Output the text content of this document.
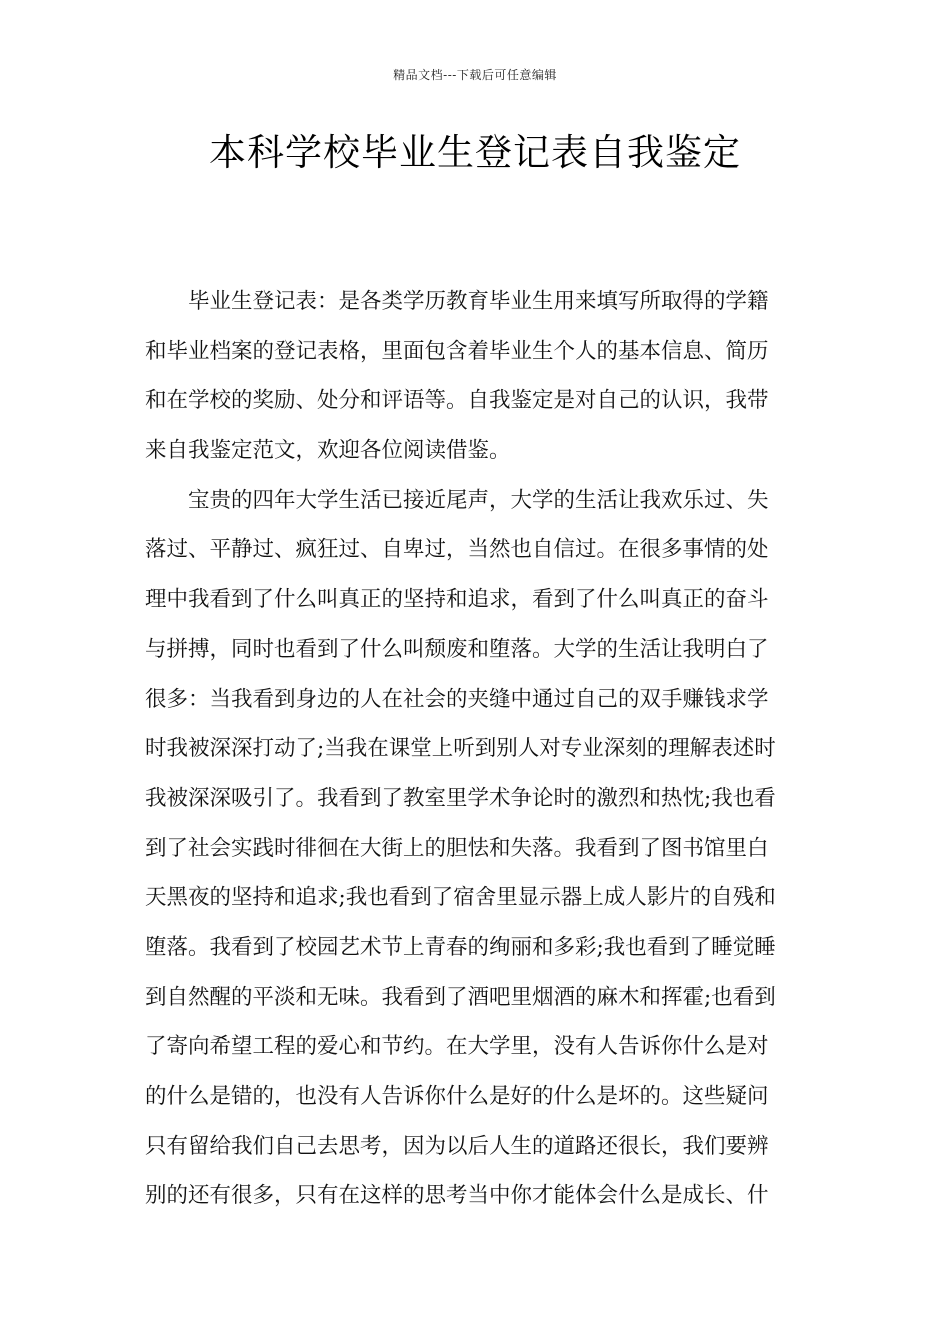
精品文档---下载后可任意编辑
本科学校毕业生登记表自我鉴定
　　毕业生登记表：是各类学历教育毕业生用来填写所取得的学籍
和毕业档案的登记表格，里面包含着毕业生个人的基本信息、简历
和在学校的奖励、处分和评语等。自我鉴定是对自己的认识，我带
来自我鉴定范文，欢迎各位阅读借鉴。
　　宝贵的四年大学生活已接近尾声，大学的生活让我欢乐过、失
落过、平静过、疯狂过、自卑过，当然也自信过。在很多事情的处
理中我看到了什么叫真正的坚持和追求，看到了什么叫真正的奋斗
与拼搏，同时也看到了什么叫颓废和堕落。大学的生活让我明白了
很多：当我看到身边的人在社会的夹缝中通过自己的双手赚钱求学
时我被深深打动了;当我在课堂上听到别人对专业深刻的理解表述时
我被深深吸引了。我看到了教室里学术争论时的激烈和热忱;我也看
到了社会实践时徘徊在大街上的胆怯和失落。我看到了图书馆里白
天黑夜的坚持和追求;我也看到了宿舍里显示器上成人影片的自残和
堕落。我看到了校园艺术节上青春的绚丽和多彩;我也看到了睡觉睡
到自然醒的平淡和无味。我看到了酒吧里烟酒的麻木和挥霍;也看到
了寄向希望工程的爱心和节约。在大学里，没有人告诉你什么是对
的什么是错的，也没有人告诉你什么是好的什么是坏的。这些疑问
只有留给我们自己去思考，因为以后人生的道路还很长，我们要辨
别的还有很多，只有在这样的思考当中你才能体会什么是成长、什
